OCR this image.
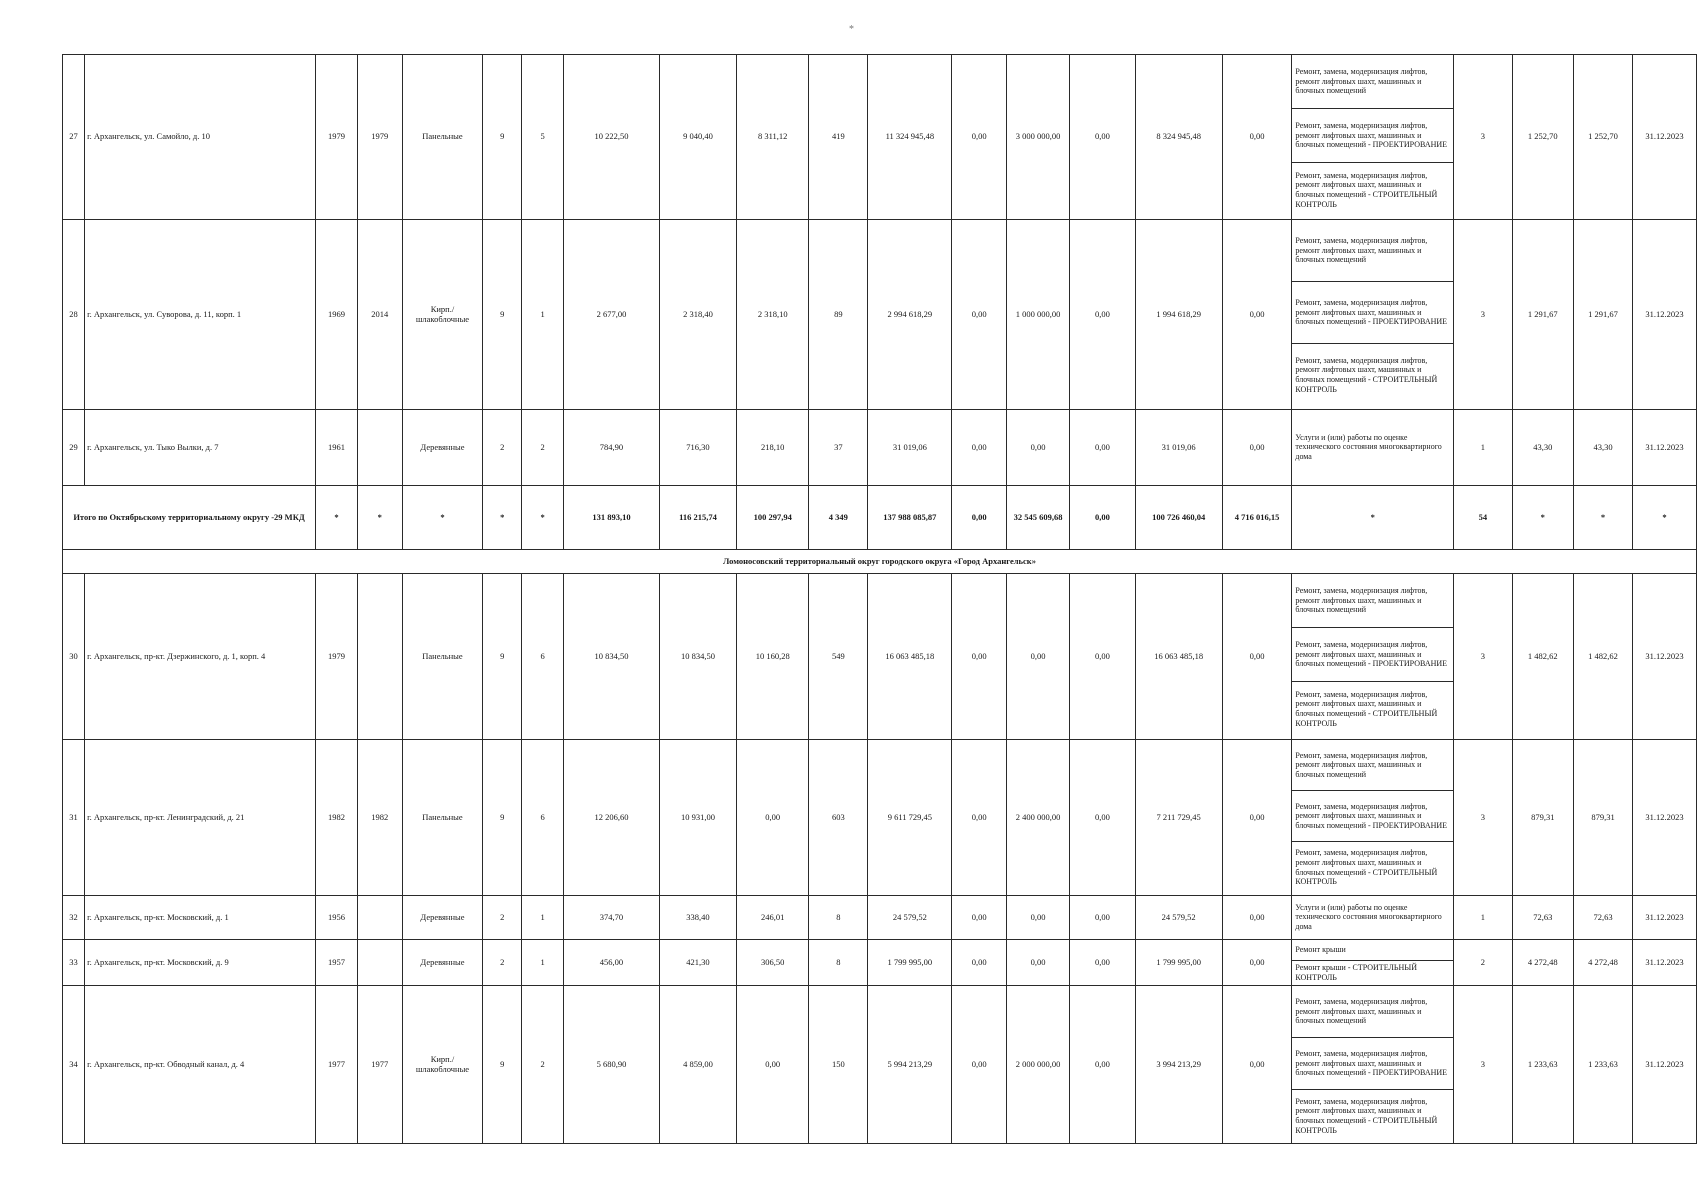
*
27	г. Архангельск, ул. Самойло, д. 10	1979	1979	Панельные	9	5	10 222,50	9 040,40	8 311,12	419	11 324 945,48	0,00	3 000 000,00	0,00	8 324 945,48	0,00	Ремонт, замена, модернизация лифтов, ремонт лифтовых шахт, машинных и блочных помещений
Ремонт, замена, модернизация лифтов, ремонт лифтовых шахт, машинных и блочных помещений - ПРОЕКТИРОВАНИЕ
Ремонт, замена, модернизация лифтов, ремонт лифтовых шахт, машинных и блочных помещений - СТРОИТЕЛЬНЫЙ КОНТРОЛЬ	3	1 252,70	1 252,70	31.12.2023
28	г. Архангельск, ул. Суворова, д. 11, корп. 1	1969	2014	Кирп./ шлакоблочные	9	1	2 677,00	2 318,40	2 318,10	89	2 994 618,29	0,00	1 000 000,00	0,00	1 994 618,29	0,00	Ремонт, замена, модернизация лифтов, ремонт лифтовых шахт, машинных и блочных помещений
Ремонт, замена, модернизация лифтов, ремонт лифтовых шахт, машинных и блочных помещений - ПРОЕКТИРОВАНИЕ
Ремонт, замена, модернизация лифтов, ремонт лифтовых шахт, машинных и блочных помещений - СТРОИТЕЛЬНЫЙ КОНТРОЛЬ	3	1 291,67	1 291,67	31.12.2023
29	г. Архангельск, ул. Тыко Вылки, д. 7	1961		Деревянные	2	2	784,90	716,30	218,10	37	31 019,06	0,00	0,00	0,00	31 019,06	0,00	Услуги и (или) работы по оценке технического состояния многоквартирного дома	1	43,30	43,30	31.12.2023
Итого по Октябрьскому территориальному округу -29 МКД		*	*	*	*	*	131 893,10	116 215,74	100 297,94	4 349	137 988 085,87	0,00	32 545 609,68	0,00	100 726 460,04	4 716 016,15	*	54	*	*	*
Ломоносовский территориальный округ городского округа «Город Архангельск»																					
30	г. Архангельск, пр-кт. Дзержинского, д. 1, корп. 4	1979		Панельные	9	6	10 834,50	10 834,50	10 160,28	549	16 063 485,18	0,00	0,00	0,00	16 063 485,18	0,00	Ремонт, замена, модернизация лифтов, ремонт лифтовых шахт, машинных и блочных помещений
Ремонт, замена, модернизация лифтов, ремонт лифтовых шахт, машинных и блочных помещений - ПРОЕКТИРОВАНИЕ
Ремонт, замена, модернизация лифтов, ремонт лифтовых шахт, машинных и блочных помещений - СТРОИТЕЛЬНЫЙ КОНТРОЛЬ	3	1 482,62	1 482,62	31.12.2023
31	г. Архангельск, пр-кт. Ленинградский, д. 21	1982	1982	Панельные	9	6	12 206,60	10 931,00	0,00	603	9 611 729,45	0,00	2 400 000,00	0,00	7 211 729,45	0,00	Ремонт, замена, модернизация лифтов, ремонт лифтовых шахт, машинных и блочных помещений
Ремонт, замена, модернизация лифтов, ремонт лифтовых шахт, машинных и блочных помещений - ПРОЕКТИРОВАНИЕ
Ремонт, замена, модернизация лифтов, ремонт лифтовых шахт, машинных и блочных помещений - СТРОИТЕЛЬНЫЙ КОНТРОЛЬ	3	879,31	879,31	31.12.2023
32	г. Архангельск, пр-кт. Московский, д. 1	1956		Деревянные	2	1	374,70	338,40	246,01	8	24 579,52	0,00	0,00	0,00	24 579,52	0,00	Услуги и (или) работы по оценке технического состояния многоквартирного дома	1	72,63	72,63	31.12.2023
33	г. Архангельск, пр-кт. Московский, д. 9	1957		Деревянные	2	1	456,00	421,30	306,50	8	1 799 995,00	0,00	0,00	0,00	1 799 995,00	0,00	Ремонт крыши
Ремонт крыши - СТРОИТЕЛЬНЫЙ КОНТРОЛЬ	2	4 272,48	4 272,48	31.12.2023
34	г. Архангельск, пр-кт. Обводный канал, д. 4	1977	1977	Кирп./ шлакоблочные	9	2	5 680,90	4 859,00	0,00	150	5 994 213,29	0,00	2 000 000,00	0,00	3 994 213,29	0,00	Ремонт, замена, модернизация лифтов, ремонт лифтовых шахт, машинных и блочных помещений
Ремонт, замена, модернизация лифтов, ремонт лифтовых шахт, машинных и блочных помещений - ПРОЕКТИРОВАНИЕ
Ремонт, замена, модернизация лифтов, ремонт лифтовых шахт, машинных и блочных помещений - СТРОИТЕЛЬНЫЙ КОНТРОЛЬ	3	1 233,63	1 233,63	31.12.2023
